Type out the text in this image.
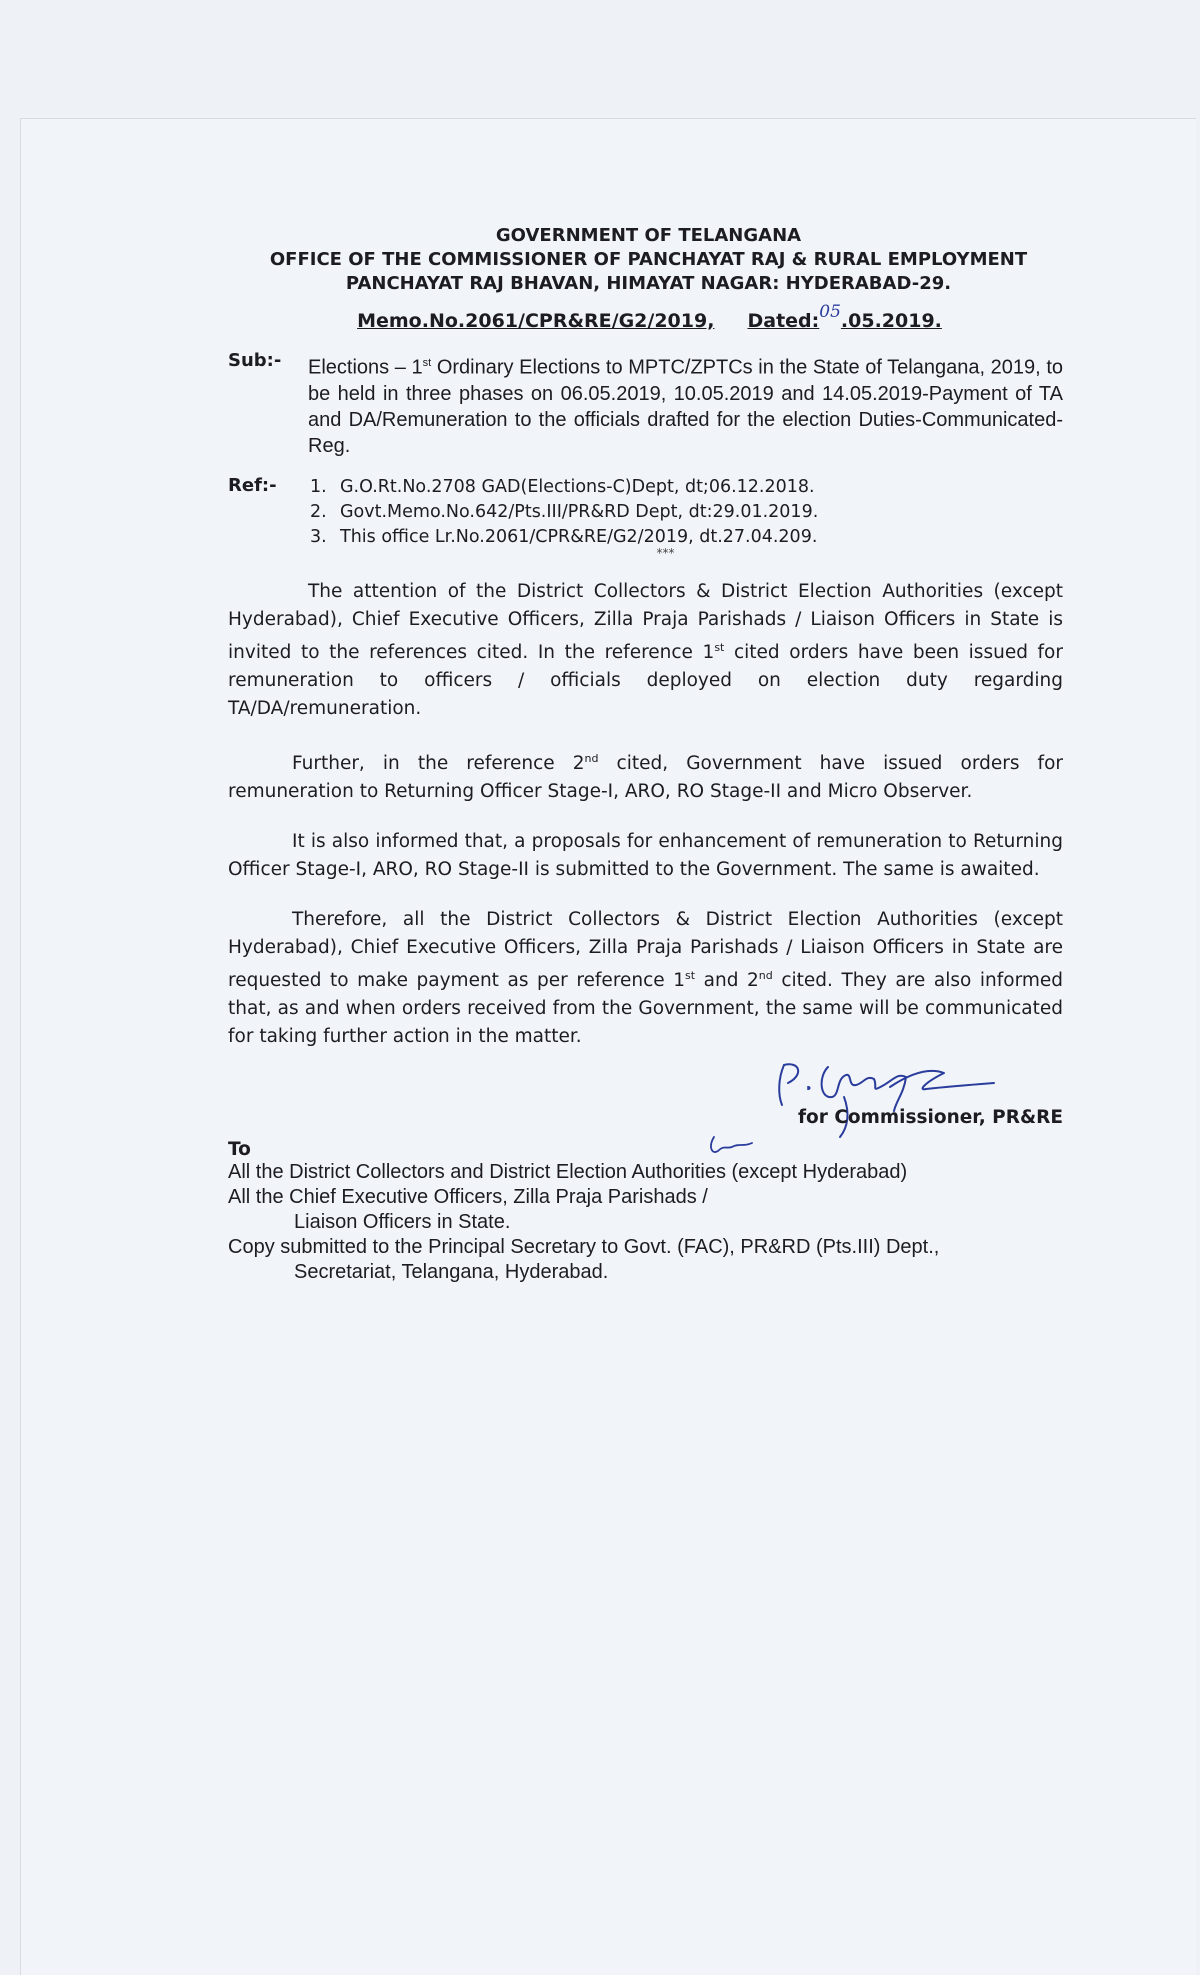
GOVERNMENT OF TELANGANA
OFFICE OF THE COMMISSIONER OF PANCHAYAT RAJ & RURAL EMPLOYMENT
PANCHAYAT RAJ BHAVAN, HIMAYAT NAGAR: HYDERABAD-29.
Memo.No.2061/CPR&RE/G2/2019, Dated:05.05.2019.
Sub:-	Elections – 1st Ordinary Elections to MPTC/ZPTCs in the State of Telangana, 2019, to be held in three phases on 06.05.2019, 10.05.2019 and 14.05.2019-Payment of TA and DA/Remuneration to the officials drafted for the election Duties-Communicated- Reg.
Ref:-	1. G.O.Rt.No.2708 GAD(Elections-C)Dept, dt;06.12.2018.
2. Govt.Memo.No.642/Pts.III/PR&RD Dept, dt:29.01.2019.
3. This office Lr.No.2061/CPR&RE/G2/2019, dt.27.04.209.
***
The attention of the District Collectors & District Election Authorities (except Hyderabad), Chief Executive Officers, Zilla Praja Parishads / Liaison Officers in State is invited to the references cited. In the reference 1st cited orders have been issued for remuneration to officers / officials deployed on election duty regarding TA/DA/remuneration.
Further, in the reference 2nd cited, Government have issued orders for remuneration to Returning Officer Stage-I, ARO, RO Stage-II and Micro Observer.
It is also informed that, a proposals for enhancement of remuneration to Returning Officer Stage-I, ARO, RO Stage-II is submitted to the Government. The same is awaited.
Therefore, all the District Collectors & District Election Authorities (except Hyderabad), Chief Executive Officers, Zilla Praja Parishads / Liaison Officers in State are requested to make payment as per reference 1st and 2nd cited. They are also informed that, as and when orders received from the Government, the same will be communicated for taking further action in the matter.
for Commissioner, PR&RE
To
All the District Collectors and District Election Authorities (except Hyderabad)
All the Chief Executive Officers, Zilla Praja Parishads /
Liaison Officers in State.
Copy submitted to the Principal Secretary to Govt. (FAC), PR&RD (Pts.III) Dept.,
Secretariat, Telangana, Hyderabad.
